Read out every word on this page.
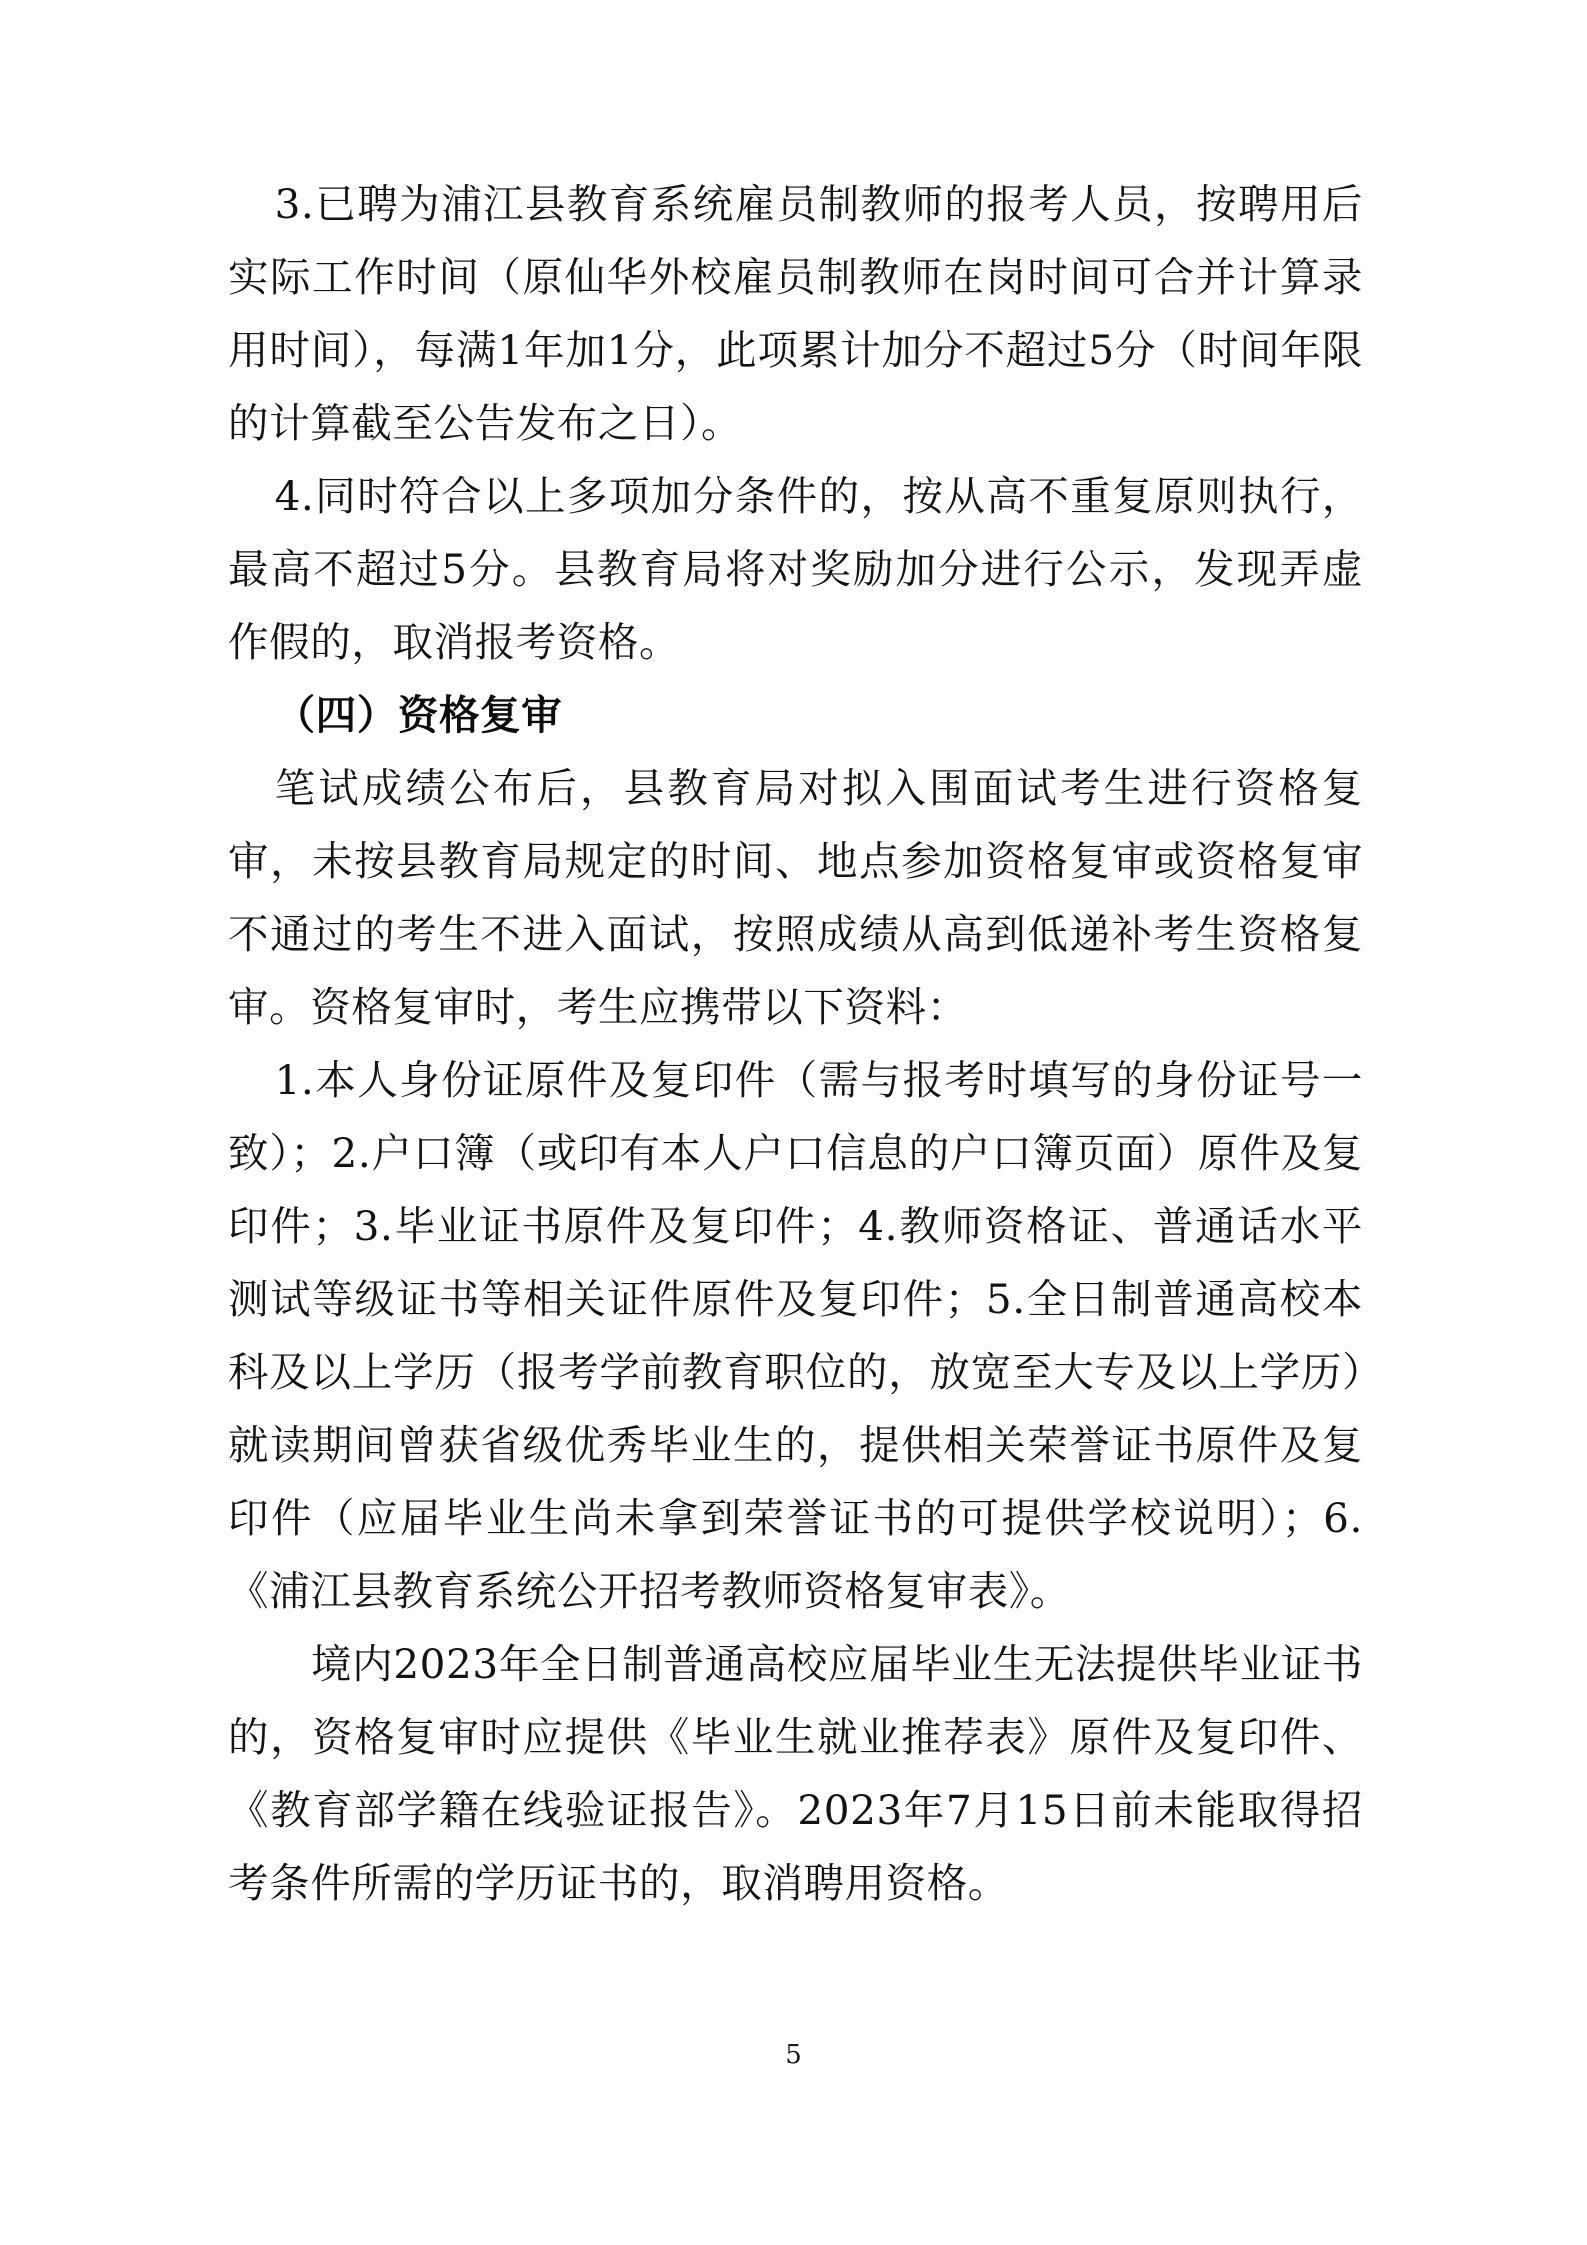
3.已聘为浦江县教育系统雇员制教师的报考人员，按聘用后实际工作时间（原仙华外校雇员制教师在岗时间可合并计算录用时间），每满1年加1分，此项累计加分不超过5分（时间年限的计算截至公告发布之日）。

4.同时符合以上多项加分条件的，按从高不重复原则执行，最高不超过5分。县教育局将对奖励加分进行公示，发现弄虚作假的，取消报考资格。

（四）资格复审

笔试成绩公布后，县教育局对拟入围面试考生进行资格复审，未按县教育局规定的时间、地点参加资格复审或资格复审不通过的考生不进入面试，按照成绩从高到低递补考生资格复审。资格复审时，考生应携带以下资料：

1.本人身份证原件及复印件（需与报考时填写的身份证号一致）；2.户口簿（或印有本人户口信息的户口簿页面）原件及复印件；3.毕业证书原件及复印件；4.教师资格证、普通话水平测试等级证书等相关证件原件及复印件；5.全日制普通高校本科及以上学历（报考学前教育职位的，放宽至大专及以上学历）就读期间曾获省级优秀毕业生的，提供相关荣誉证书原件及复印件（应届毕业生尚未拿到荣誉证书的可提供学校说明）；6.《浦江县教育系统公开招考教师资格复审表》。

境内2023年全日制普通高校应届毕业生无法提供毕业证书的，资格复审时应提供《毕业生就业推荐表》原件及复印件、《教育部学籍在线验证报告》。2023年7月15日前未能取得招考条件所需的学历证书的，取消聘用资格。

5
